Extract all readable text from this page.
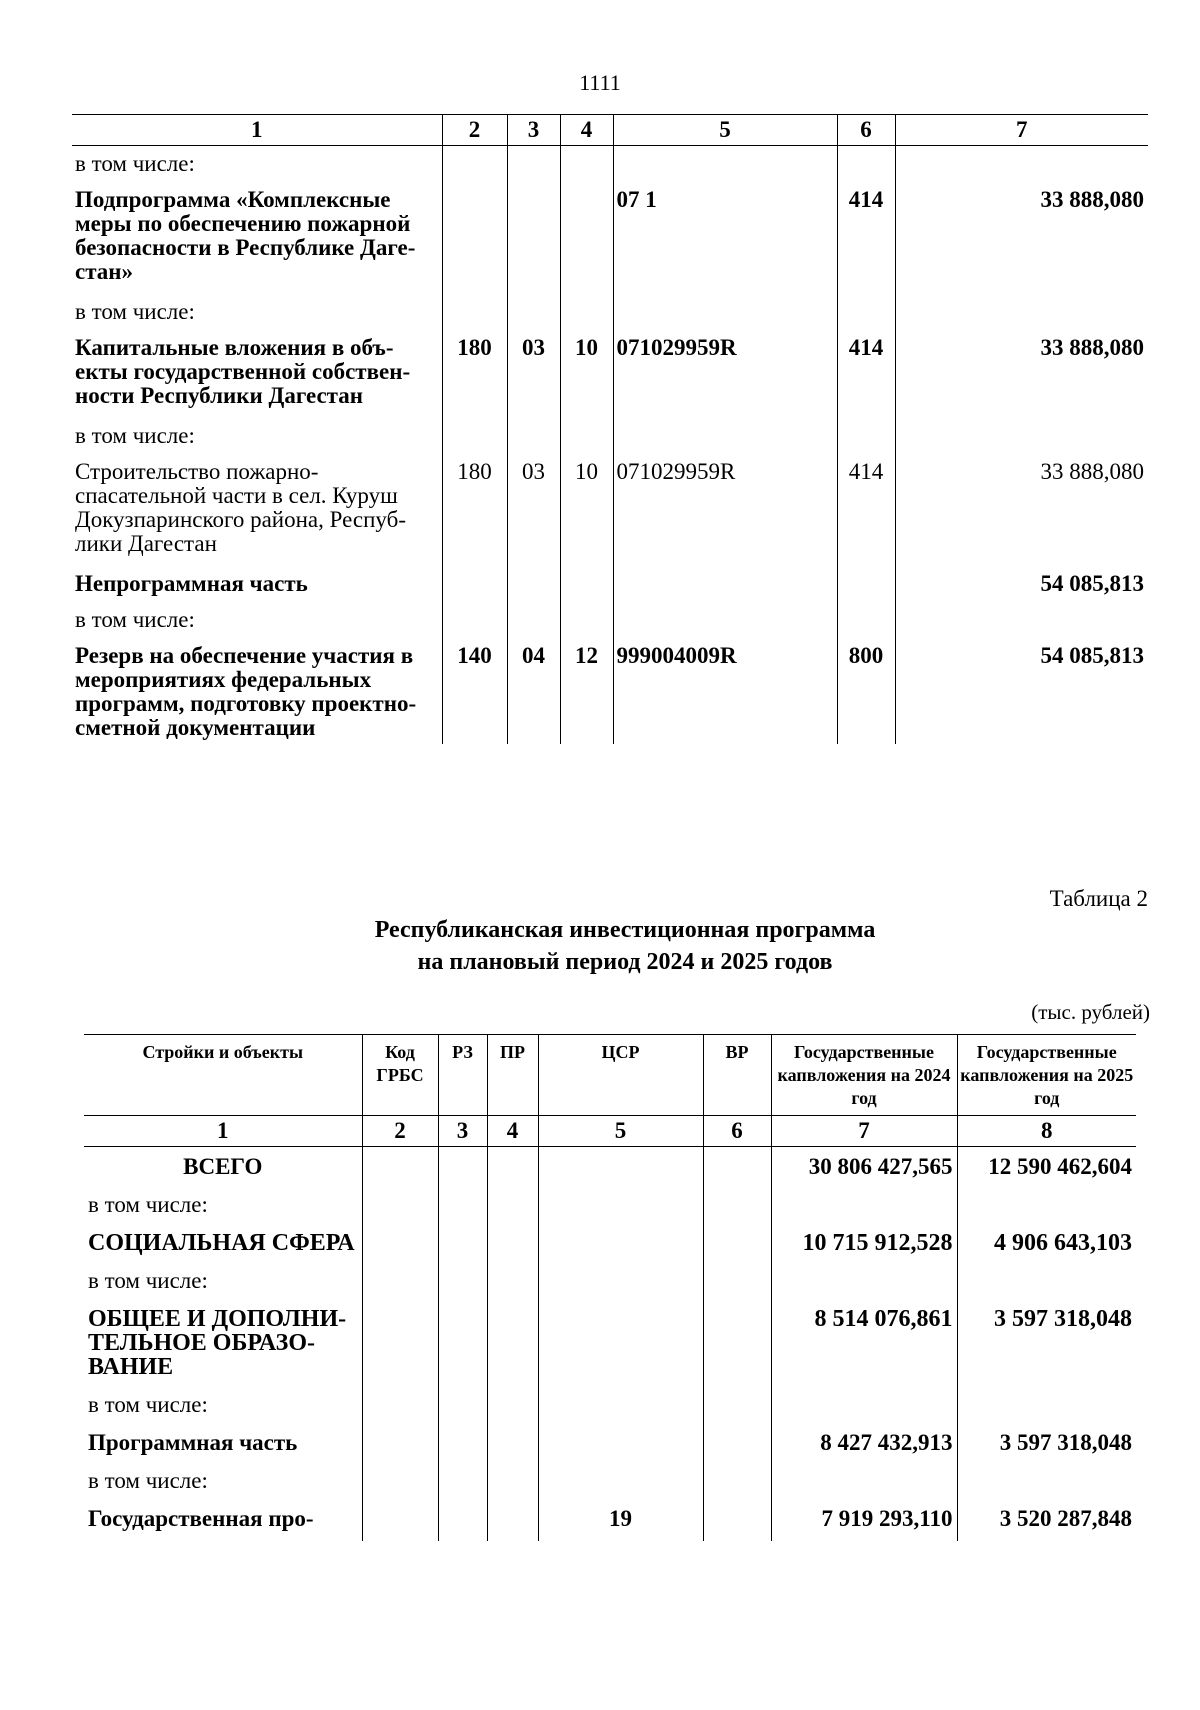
1111
1	2	3	4	5	6	7
в том числе:						
Подпрограмма «Комплексные меры по обеспечению пожарной безопасности в Республике Дагестан»				07 1	414	33 888,080
в том числе:						
Капитальные вложения в объекты государственной собственности Республики Дагестан	180	03	10	071029959R	414	33 888,080
в том числе:						
Строительство пожарно-спасательной части в сел. Куруш Докузпаринского района, Республики Дагестан	180	03	10	071029959R	414	33 888,080
Непрограммная часть						54 085,813
в том числе:						
Резерв на обеспечение участия в мероприятиях федеральных программ, подготовку проектно-сметной документации	140	04	12	999004009R	800	54 085,813
Таблица 2
Республиканская инвестиционная программа
на плановый период 2024 и 2025 годов
(тыс. рублей)
Стройки и объекты	Код ГРБС	РЗ	ПР	ЦСР	ВР	Государственные капвложения на 2024 год	Государственные капвложения на 2025 год
1	2	3	4	5	6	7	8
ВСЕГО						30 806 427,565	12 590 462,604
в том числе:							
СОЦИАЛЬНАЯ СФЕРА						10 715 912,528	4 906 643,103
в том числе:							
ОБЩЕЕ И ДОПОЛНИТЕЛЬНОЕ ОБРАЗОВАНИЕ						8 514 076,861	3 597 318,048
в том числе:							
Программная часть						8 427 432,913	3 597 318,048
в том числе:							
Государственная про-				19		7 919 293,110	3 520 287,848
